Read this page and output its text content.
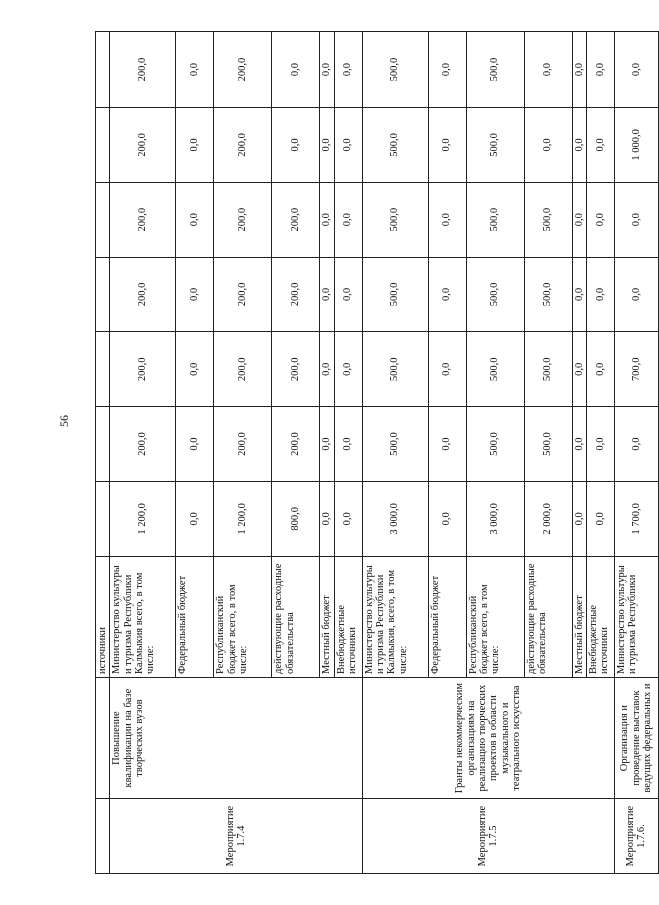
56
		источники							
Мероприятие 1.7.4	Повышение квалификации на базе творческих вузов	Министерство культуры и туризма Республики Калмыкия всего, в том числе:	1 200,0	200,0	200,0	200,0	200,0	200,0	200,0
		Федеральный бюджет	0,0	0,0	0,0	0,0	0,0	0,0	0,0
		Республиканский бюджет всего, в том числе:	1 200,0	200,0	200,0	200,0	200,0	200,0	200,0
		действующие расходные обязательства	800,0	200,0	200,0	200,0	200,0	0,0	0,0
		Местный бюджет	0,0	0,0	0,0	0,0	0,0	0,0	0,0
		Внебюджетные источники	0,0	0,0	0,0	0,0	0,0	0,0	0,0
Мероприятие 1.7.5	Гранты некоммерческим организациям на реализацию творческих проектов в области музыкального и театрального искусства	Министерство культуры и туризма Республики Калмыкия, всего, в том числе:	3 000,0	500,0	500,0	500,0	500,0	500,0	500,0
		Федеральный бюджет	0,0	0,0	0,0	0,0	0,0	0,0	0,0
		Республиканский бюджет всего, в том числе:	3 000,0	500,0	500,0	500,0	500,0	500,0	500,0
		действующие расходные обязательства	2 000,0	500,0	500,0	500,0	500,0	0,0	0,0
		Местный бюджет	0,0	0,0	0,0	0,0	0,0	0,0	0,0
		Внебюджетные источники	0,0	0,0	0,0	0,0	0,0	0,0	0,0
Мероприятие 1.7.6.	Организация и проведение выставок ведущих федеральных и	Министерство культуры и туризма Республики	1 700,0	0,0	700,0	0,0	0,0	1 000,0	0,0
